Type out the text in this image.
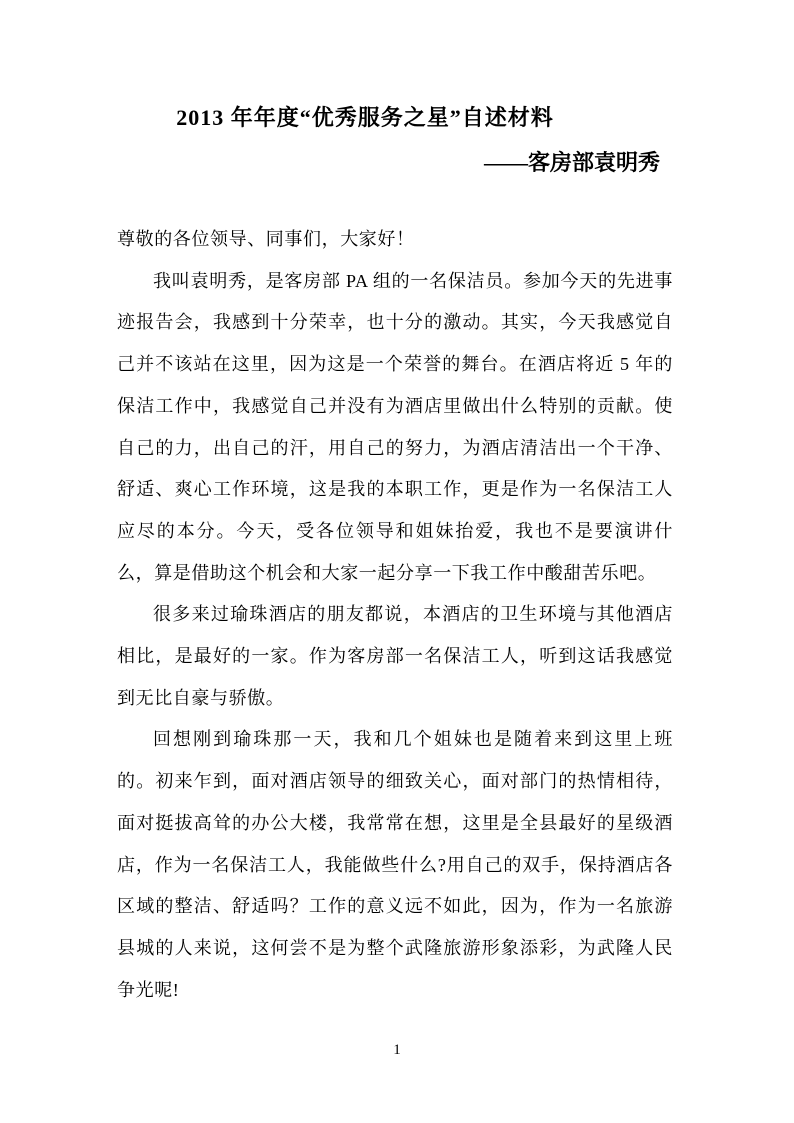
2013 年年度“优秀服务之星”自述材料
——客房部袁明秀

尊敬的各位领导、同事们，大家好！

我叫袁明秀，是客房部 PA 组的一名保洁员。参加今天的先进事迹报告会，我感到十分荣幸，也十分的激动。其实，今天我感觉自己并不该站在这里，因为这是一个荣誉的舞台。在酒店将近 5 年的保洁工作中，我感觉自己并没有为酒店里做出什么特别的贡献。使自己的力，出自己的汗，用自己的努力，为酒店清洁出一个干净、舒适、爽心工作环境，这是我的本职工作，更是作为一名保洁工人应尽的本分。今天，受各位领导和姐妹抬爱，我也不是要演讲什么，算是借助这个机会和大家一起分享一下我工作中酸甜苦乐吧。

很多来过瑜珠酒店的朋友都说，本酒店的卫生环境与其他酒店相比，是最好的一家。作为客房部一名保洁工人，听到这话我感觉到无比自豪与骄傲。

回想刚到瑜珠那一天，我和几个姐妹也是随着来到这里上班的。初来乍到，面对酒店领导的细致关心，面对部门的热情相待，面对挺拔高耸的办公大楼，我常常在想，这里是全县最好的星级酒店，作为一名保洁工人，我能做些什么?用自己的双手，保持酒店各区域的整洁、舒适吗？工作的意义远不如此，因为，作为一名旅游县城的人来说，这何尝不是为整个武隆旅游形象添彩，为武隆人民争光呢!

1
